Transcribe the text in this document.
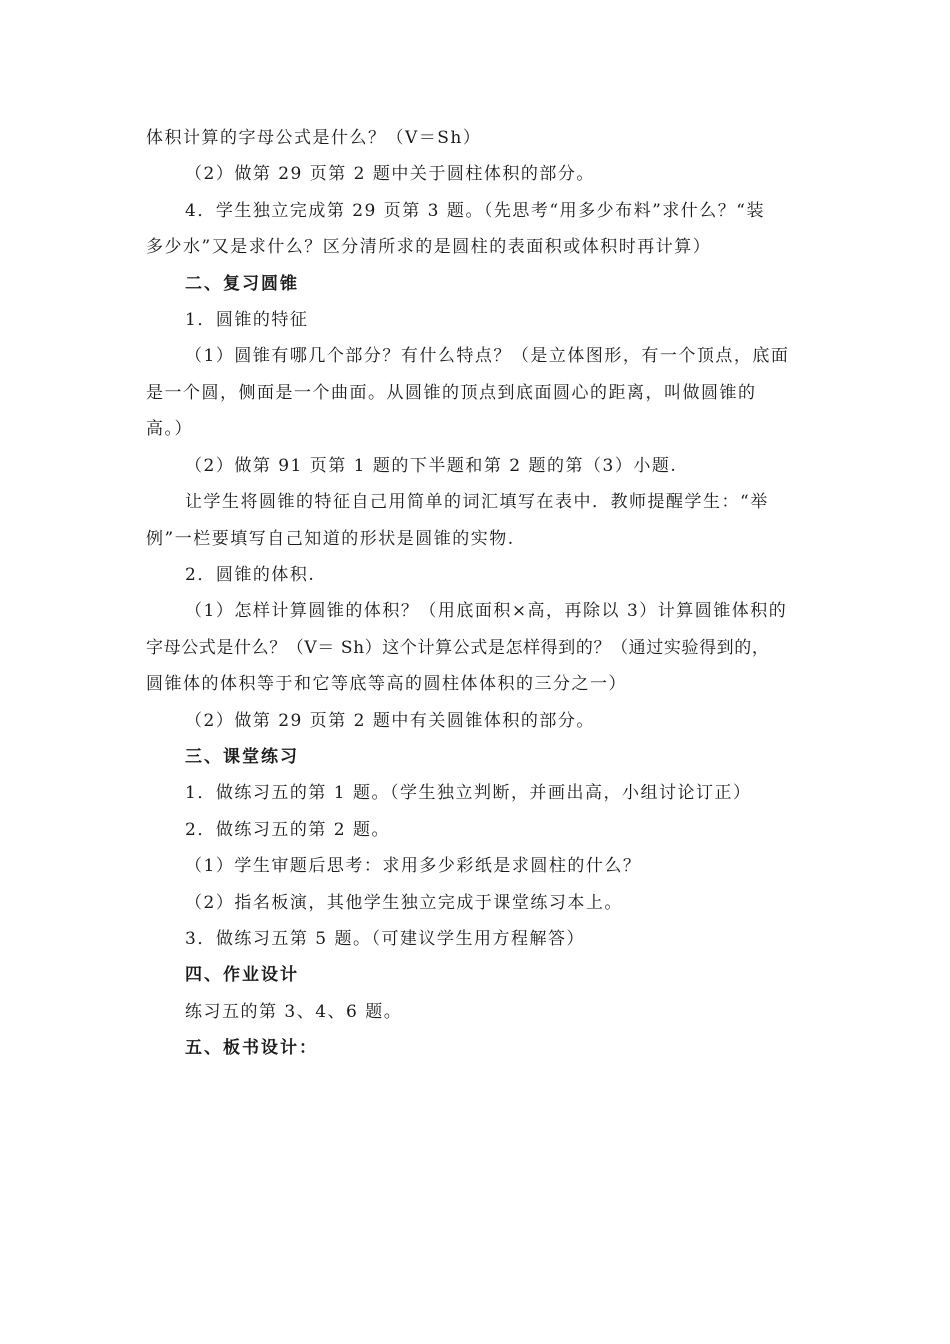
体积计算的字母公式是什么？（V＝Sh）
（2）做第 29 页第 2 题中关于圆柱体积的部分。
4．学生独立完成第 29 页第 3 题。（先思考“用多少布料”求什么？“装
多少水”又是求什么？区分清所求的是圆柱的表面积或体积时再计算）
二、复习圆锥
1．圆锥的特征
（1）圆锥有哪几个部分？有什么特点？（是立体图形，有一个顶点，底面
是一个圆，侧面是一个曲面。从圆锥的顶点到底面圆心的距离，叫做圆锥的
高。）
（2）做第 91 页第 1 题的下半题和第 2 题的第（3）小题.
让学生将圆锥的特征自己用简单的词汇填写在表中．教师提醒学生：“举
例”一栏要填写自己知道的形状是圆锥的实物.
2．圆锥的体积.
（1）怎样计算圆锥的体积？（用底面积×高，再除以 3）计算圆锥体积的
字母公式是什么？（V＝ Sh）这个计算公式是怎样得到的？（通过实验得到的，
圆锥体的体积等于和它等底等高的圆柱体体积的三分之一）
（2）做第 29 页第 2 题中有关圆锥体积的部分。
三、课堂练习
1．做练习五的第 1 题。（学生独立判断，并画出高，小组讨论订正）
2．做练习五的第 2 题。
（1）学生审题后思考：求用多少彩纸是求圆柱的什么？
（2）指名板演，其他学生独立完成于课堂练习本上。
3．做练习五第 5 题。（可建议学生用方程解答）
四、作业设计
练习五的第 3、4、6 题。
五、板书设计：
